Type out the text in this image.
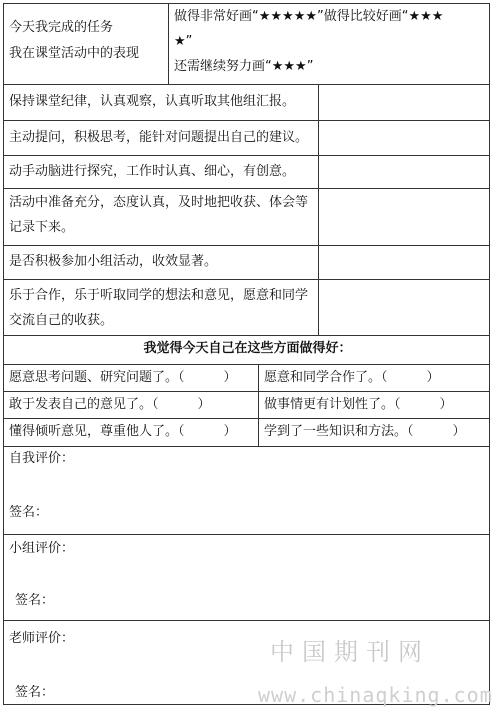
今天我完成的任务
我在课堂活动中的表现
做得非常好画“★★★★★”做得比较好画“★★★
★”
还需继续努力画“★★★”
保持课堂纪律，认真观察，认真听取其他组汇报。
主动提问，积极思考，能针对问题提出自己的建议。
动手动脑进行探究，工作时认真、细心，有创意。
活动中准备充分，态度认真，及时地把收获、体会等记录下来。
是否积极参加小组活动，收效显著。
乐于合作，乐于听取同学的想法和意见，愿意和同学交流自己的收获。
我觉得今天自己在这些方面做得好：
愿意思考问题、研究问题了。（　　　） 愿意和同学合作了。（　　　）
敢于发表自己的意见了。（　　　）	做事情更有计划性了。（　　　）
懂得倾听意见，尊重他人了。（　　　） 学到了一些知识和方法。（　　　）
自我评价：
签名：
小组评价：
签名：
老师评价：
签名：
中国期刊网
www.chinaqking.com
